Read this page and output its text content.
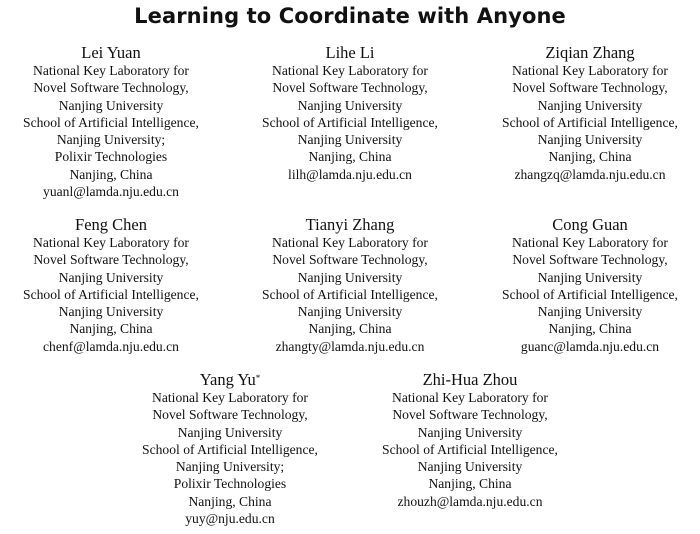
Learning to Coordinate with Anyone
Lei Yuan
National Key Laboratory for
Novel Software Technology,
Nanjing University
School of Artificial Intelligence,
Nanjing University;
Polixir Technologies
Nanjing, China
yuanl@lamda.nju.edu.cn
Lihe Li
National Key Laboratory for
Novel Software Technology,
Nanjing University
School of Artificial Intelligence,
Nanjing University
Nanjing, China
lilh@lamda.nju.edu.cn
Ziqian Zhang
National Key Laboratory for
Novel Software Technology,
Nanjing University
School of Artificial Intelligence,
Nanjing University
Nanjing, China
zhangzq@lamda.nju.edu.cn
Feng Chen
National Key Laboratory for
Novel Software Technology,
Nanjing University
School of Artificial Intelligence,
Nanjing University
Nanjing, China
chenf@lamda.nju.edu.cn
Tianyi Zhang
National Key Laboratory for
Novel Software Technology,
Nanjing University
School of Artificial Intelligence,
Nanjing University
Nanjing, China
zhangty@lamda.nju.edu.cn
Cong Guan
National Key Laboratory for
Novel Software Technology,
Nanjing University
School of Artificial Intelligence,
Nanjing University
Nanjing, China
guanc@lamda.nju.edu.cn
Yang Yu*
National Key Laboratory for
Novel Software Technology,
Nanjing University
School of Artificial Intelligence,
Nanjing University;
Polixir Technologies
Nanjing, China
yuy@nju.edu.cn
Zhi-Hua Zhou
National Key Laboratory for
Novel Software Technology,
Nanjing University
School of Artificial Intelligence,
Nanjing University
Nanjing, China
zhouzh@lamda.nju.edu.cn
